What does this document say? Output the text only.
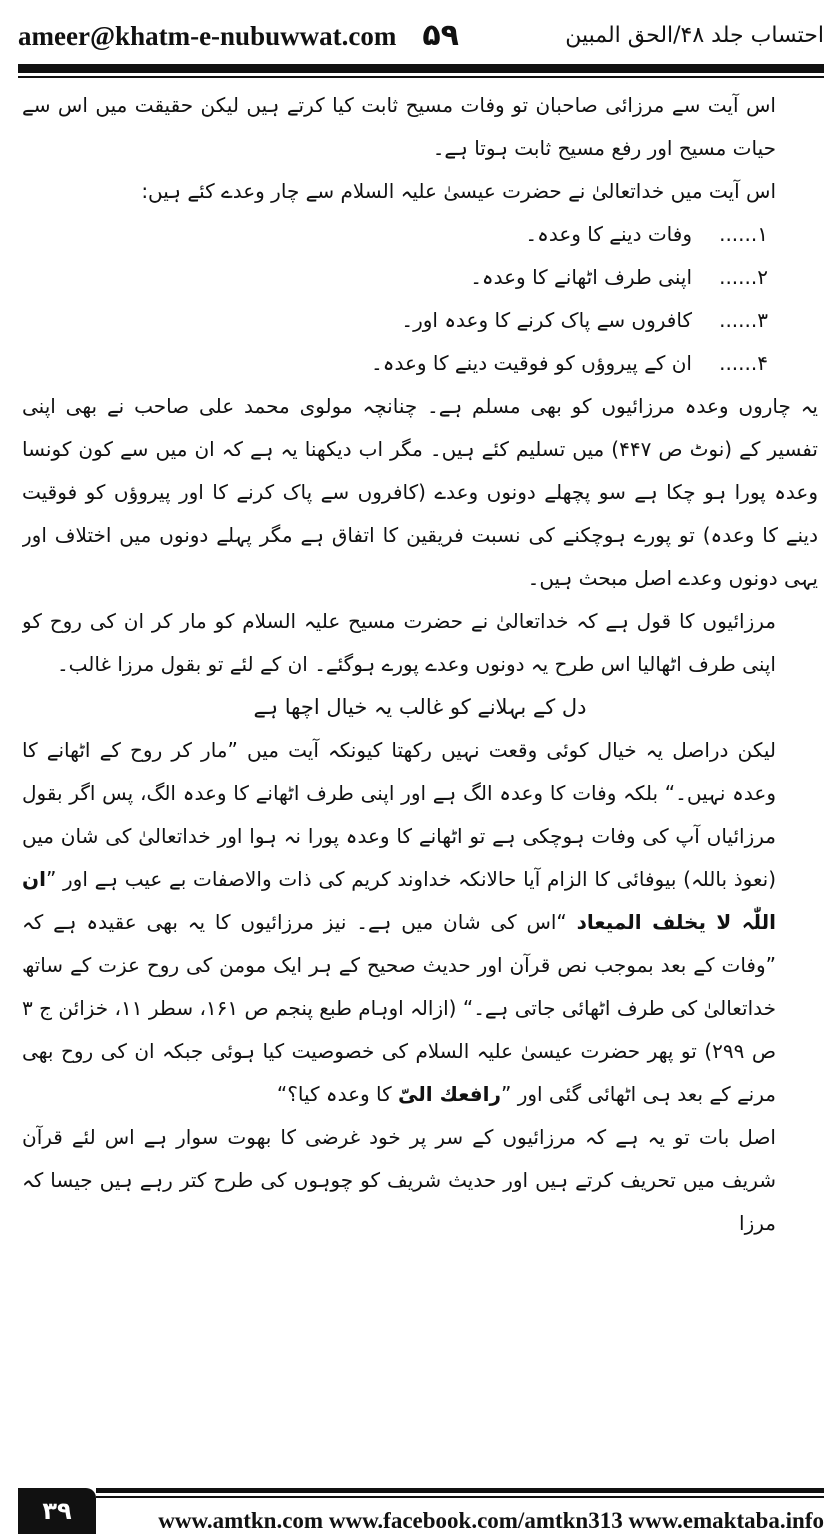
ameer@khatm-e-nubuwwat.com ۵۹	احتساب جلد ۴۸/الحق المبین

اس آیت سے مرزائی صاحبان تو وفات مسیح ثابت کیا کرتے ہیں لیکن حقیقت میں اس سے حیات مسیح اور رفع مسیح ثابت ہوتا ہے۔

اس آیت میں خداتعالیٰ نے حضرت عیسیٰ علیہ السلام سے چار وعدے کئے ہیں:

۱......
وفات دینے کا وعدہ۔
۲......
اپنی طرف اٹھانے کا وعدہ۔
۳......
کافروں سے پاک کرنے کا وعدہ اور۔
۴......
ان کے پیروؤں کو فوقیت دینے کا وعدہ۔

یہ چاروں وعدہ مرزائیوں کو بھی مسلم ہے۔ چنانچہ مولوی محمد علی صاحب نے بھی اپنی تفسیر کے (نوٹ ص ۴۴۷) میں تسلیم کئے ہیں۔ مگر اب دیکھنا یہ ہے کہ ان میں سے کون کونسا وعدہ پورا ہو چکا ہے سو پچھلے دونوں وعدے (کافروں سے پاک کرنے کا اور پیروؤں کو فوقیت دینے کا وعدہ) تو پورے ہوچکنے کی نسبت فریقین کا اتفاق ہے مگر پہلے دونوں میں اختلاف اور یہی دونوں وعدے اصل مبحث ہیں۔

مرزائیوں کا قول ہے کہ خداتعالیٰ نے حضرت مسیح علیہ السلام کو مار کر ان کی روح کو اپنی طرف اٹھالیا اس طرح یہ دونوں وعدے پورے ہوگئے۔ ان کے لئے تو بقول مرزا غالب۔

دل کے بہلانے کو غالب یہ خیال اچھا ہے

لیکن دراصل یہ خیال کوئی وقعت نہیں رکھتا کیونکہ آیت میں ”مار کر روح کے اٹھانے کا وعدہ نہیں۔“ بلکہ وفات کا وعدہ الگ ہے اور اپنی طرف اٹھانے کا وعدہ الگ، پس اگر بقول مرزائیاں آپ کی وفات ہوچکی ہے تو اٹھانے کا وعدہ پورا نہ ہوا اور خداتعالیٰ کی شان میں (نعوذ باللہ) بیوفائی کا الزام آیا حالانکہ خداوند کریم کی ذات والاصفات بے عیب ہے اور ”ان اللّٰہ لا یخلف المیعاد “اس کی شان میں ہے۔ نیز مرزائیوں کا یہ بھی عقیدہ ہے کہ ”وفات کے بعد بموجب نص قرآن اور حدیث صحیح کے ہر ایک مومن کی روح عزت کے ساتھ خداتعالیٰ کی طرف اٹھائی جاتی ہے۔“ (ازالہ اوہام طبع پنجم ص ۱۶۱، سطر ۱۱، خزائن ج ۳ ص ۲۹۹) تو پھر حضرت عیسیٰ علیہ السلام کی خصوصیت کیا ہوئی جبکہ ان کی روح بھی مرنے کے بعد ہی اٹھائی گئی اور ”رافعك الیّ کا وعدہ کیا؟“

اصل بات تو یہ ہے کہ مرزائیوں کے سر پر خود غرضی کا بھوت سوار ہے اس لئے قرآن شریف میں تحریف کرتے ہیں اور حدیث شریف کو چوہوں کی طرح کتر رہے ہیں جیسا کہ مرزا

۳۹	www.amtkn.com www.facebook.com/amtkn313 www.emaktaba.info
